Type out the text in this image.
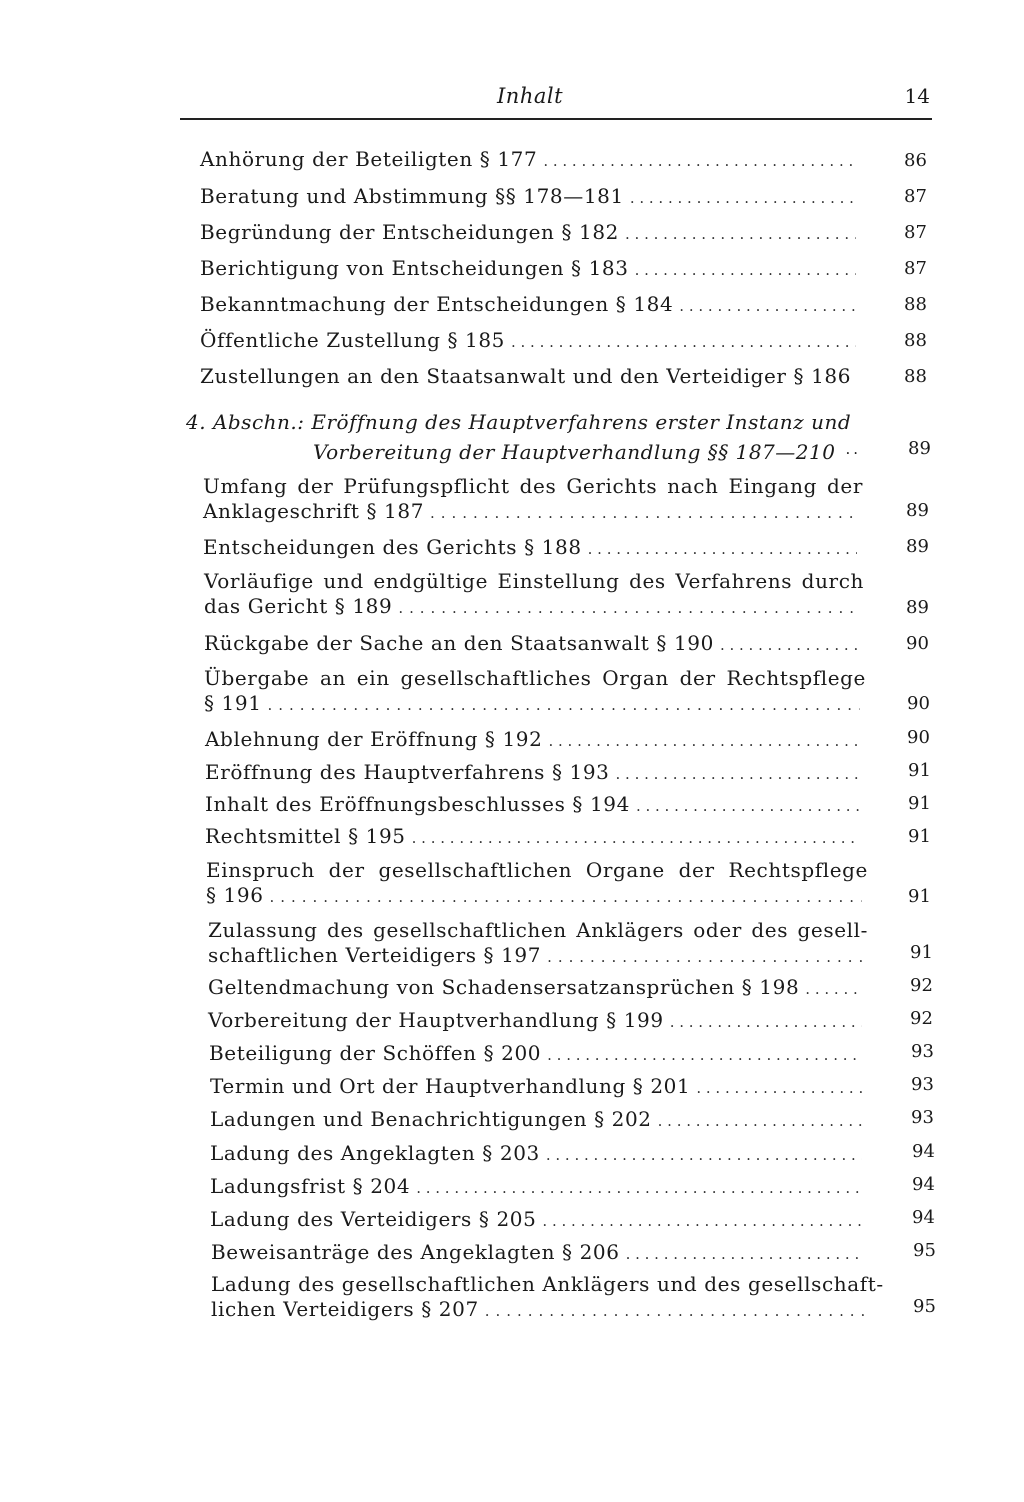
Inhalt	14
Anhörung der Beteiligten § 177 . . .	86
Beratung und Abstimmung §§ 178—181 . . .	87
Begründung der Entscheidungen § 182 . . .	87
Berichtigung von Entscheidungen § 183 . . .	87
Bekanntmachung der Entscheidungen § 184 . . .	88
Öffentliche Zustellung § 185 . . .	88
Zustellungen an den Staatsanwalt und den Verteidiger § 186	88
4. Abschn.: Eröffnung des Hauptverfahrens erster Instanz und
Vorbereitung der Hauptverhandlung §§ 187—210 ..	89
Umfang der Prüfungspflicht des Gerichts nach Eingang der
Anklageschrift § 187 . . .	89
Entscheidungen des Gerichts § 188 . . .	89
Vorläufige und endgültige Einstellung des Verfahrens durch
das Gericht § 189 . . .	89
Rückgabe der Sache an den Staatsanwalt § 190 . . .	90
Übergabe an ein gesellschaftliches Organ der Rechtspflege
§ 191 . . .	90
Ablehnung der Eröffnung § 192 . . .	90
Eröffnung des Hauptverfahrens § 193 . . .	91
Inhalt des Eröffnungsbeschlusses § 194 . . .	91
Rechtsmittel § 195 . . .	91
Einspruch der gesellschaftlichen Organe der Rechtspflege
§ 196 . . .	91
Zulassung des gesellschaftlichen Anklägers oder des gesell-
schaftlichen Verteidigers § 197 . . .	91
Geltendmachung von Schadensersatzansprüchen § 198 . . .	92
Vorbereitung der Hauptverhandlung § 199 . . .	92
Beteiligung der Schöffen § 200 . . .	93
Termin und Ort der Hauptverhandlung § 201 . . .	93
Ladungen und Benachrichtigungen § 202 . . .	93
Ladung des Angeklagten § 203 . . .	94
Ladungsfrist § 204 . . .	94
Ladung des Verteidigers § 205 . . .	94
Beweisanträge des Angeklagten § 206 . . .	95
Ladung des gesellschaftlichen Anklägers und des gesellschaft-
lichen Verteidigers § 207 . . .	95
